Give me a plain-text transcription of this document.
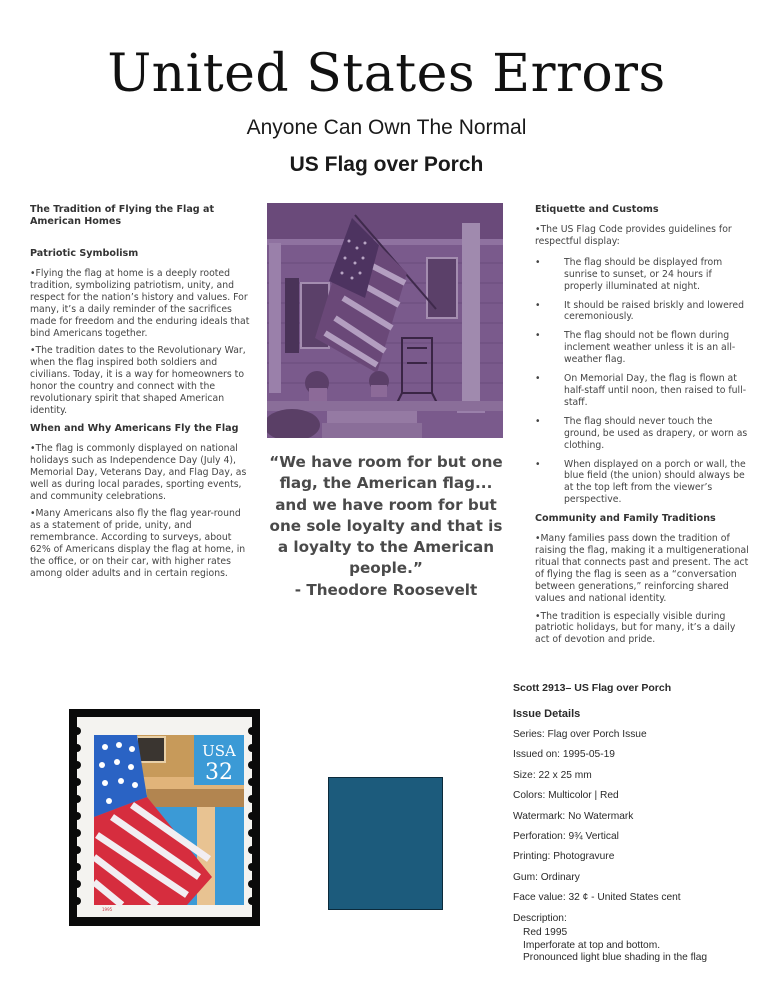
United States Errors
Anyone Can Own The Normal
US Flag over Porch
The Tradition of Flying the Flag at American Homes
Patriotic Symbolism

•Flying the flag at home is a deeply rooted tradition, symbolizing patriotism, unity, and respect for the nation’s history and values. For many, it’s a daily reminder of the sacrifices made for freedom and the enduring ideals that bind Americans together.

•The tradition dates to the Revolutionary War, when the flag inspired both soldiers and civilians. Today, it is a way for homeowners to honor the country and connect with the revolutionary spirit that shaped American identity.

When and Why Americans Fly the Flag

•The flag is commonly displayed on national holidays such as Independence Day (July 4), Memorial Day, Veterans Day, and Flag Day, as well as during local parades, sporting events, and community celebrations.

•Many Americans also fly the flag year-round as a statement of pride, unity, and remembrance. According to surveys, about 62% of Americans display the flag at home, in the office, or on their car, with higher rates among older adults and in certain regions.

“We have room for but one flag, the American flag... and we have room for but one sole loyalty and that is a loyalty to the American people.”
- Theodore Roosevelt
Etiquette and Customs

•The US Flag Code provides guidelines for respectful display:

•	The flag should be displayed from sunrise to sunset, or 24 hours if properly illuminated at night.
•	It should be raised briskly and lowered ceremoniously.
•	The flag should not be flown during inclement weather unless it is an all-weather flag.
•	On Memorial Day, the flag is flown at half-staff until noon, then raised to full-staff.
•	The flag should never touch the ground, be used as drapery, or worn as clothing.
•	When displayed on a porch or wall, the blue field (the union) should always be at the top left from the viewer’s perspective.
Community and Family Traditions

•Many families pass down the tradition of raising the flag, making it a multigenerational ritual that connects past and present. The act of flying the flag is seen as a “conversation between generations,” reinforcing shared values and national identity.

•The tradition is especially visible during patriotic holidays, but for many, it’s a daily act of devotion and pride.

USA
32
1995
Scott 2913– US Flag over Porch
Issue Details
Series: Flag over Porch Issue
Issued on: 1995-05-19
Size: 22 x 25 mm
Colors: Multicolor | Red
Watermark: No Watermark
Perforation: 9¾ Vertical
Printing: Photogravure
Gum: Ordinary
Face value: 32 ¢ - United States cent
Description:
Red 1995
Imperforate at top and bottom.
Pronounced light blue shading in the flag
